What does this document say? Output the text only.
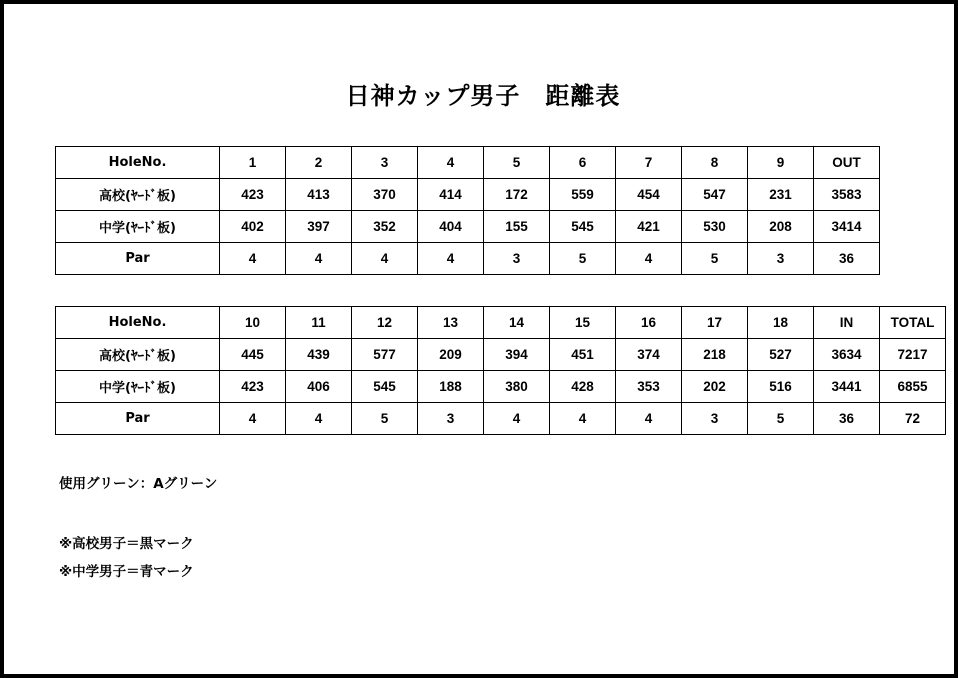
日神カップ男子　距離表
HoleNo.	1	2	3	4	5	6	7	8	9	OUT
高校(ﾔｰﾄﾞ板)	423	413	370	414	172	559	454	547	231	3583
中学(ﾔｰﾄﾞ板)	402	397	352	404	155	545	421	530	208	3414
Par	4	4	4	4	3	5	4	5	3	36
HoleNo.	10	11	12	13	14	15	16	17	18	IN	TOTAL
高校(ﾔｰﾄﾞ板)	445	439	577	209	394	451	374	218	527	3634	7217
中学(ﾔｰﾄﾞ板)	423	406	545	188	380	428	353	202	516	3441	6855
Par	4	4	5	3	4	4	4	3	5	36	72
使用グリーン：Aグリーン
※高校男子＝黒マーク
※中学男子＝青マーク
